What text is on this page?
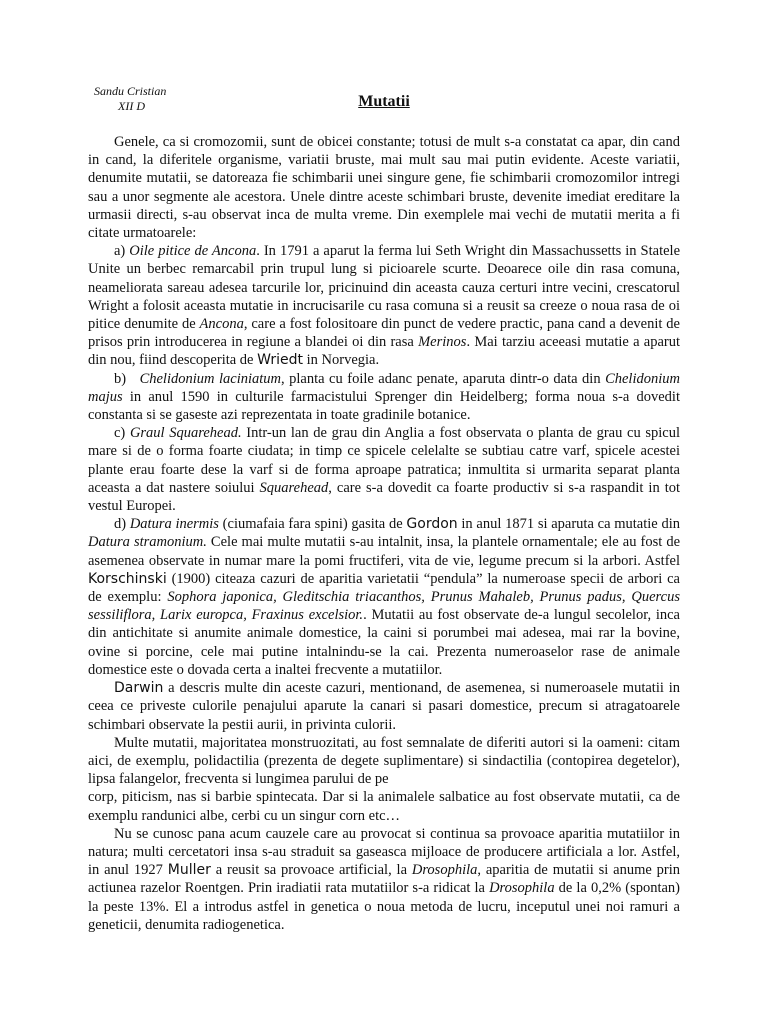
Sandu Cristian
XII D	Mutatii

Genele, ca si cromozomii, sunt de obicei constante; totusi de mult s-a constatat ca apar, din cand in cand, la diferitele organisme, variatii bruste, mai mult sau mai putin evidente. Aceste variatii, denumite mutatii, se datoreaza fie schimbarii unei singure gene, fie schimbarii cromozomilor intregi sau a unor segmente ale acestora. Unele dintre aceste schimbari bruste, devenite imediat ereditare la urmasii directi, s-au observat inca de multa vreme. Din exemplele mai vechi de mutatii merita a fi citate urmatoarele:

a) Oile pitice de Ancona. In 1791 a aparut la ferma lui Seth Wright din Massachussetts in Statele Unite un berbec remarcabil prin trupul lung si picioarele scurte. Deoarece oile din rasa comuna, neameliorata sareau adesea tarcurile lor, pricinuind din aceasta cauza certuri intre vecini, crescatorul Wright a folosit aceasta mutatie in incrucisarile cu rasa comuna si a reusit sa creeze o noua rasa de oi pitice denumite de Ancona, care a fost folositoare din punct de vedere practic, pana cand a devenit de prisos prin introducerea in regiune a blandei oi din rasa Merinos. Mai tarziu aceeasi mutatie a aparut din nou, fiind descoperita de Wriedt in Norvegia.

b)   Chelidonium laciniatum, planta cu foile adanc penate, aparuta dintr-o data din Chelidonium majus in anul 1590 in culturile farmacistului Sprenger din Heidelberg; forma noua s-a dovedit constanta si se gaseste azi reprezentata in toate gradinile botanice.

c) Graul Squarehead. Intr-un lan de grau din Anglia a fost observata o planta de grau cu spicul mare si de o forma foarte ciudata; in timp ce spicele celelalte se subtiau catre varf, spicele acestei plante erau foarte dese la varf si de forma aproape patratica; inmultita si urmarita separat planta aceasta a dat nastere soiului Squarehead, care s-a dovedit ca foarte productiv si s-a raspandit in tot vestul Europei.

d) Datura inermis (ciumafaia fara spini) gasita de Gordon in anul 1871 si aparuta ca mutatie din Datura stramonium. Cele mai multe mutatii s-au intalnit, insa, la plantele ornamentale; ele au fost de asemenea observate in numar mare la pomi fructiferi, vita de vie, legume precum si la arbori. Astfel Korschinski (1900) citeaza cazuri de aparitia varietatii “pendula” la numeroase specii de arbori ca de exemplu: Sophora japonica, Gleditschia triacanthos, Prunus Mahaleb, Prunus padus, Quercus sessiliflora, Larix europca, Fraxinus excelsior.. Mutatii au fost observate de-a lungul secolelor, inca din antichitate si anumite animale domestice, la caini si porumbei mai adesea, mai rar la bovine, ovine si porcine, cele mai putine intalnindu-se la cai. Prezenta numeroaselor rase de animale domestice este o dovada certa a inaltei frecvente a mutatiilor.

Darwin a descris multe din aceste cazuri, mentionand, de asemenea, si numeroasele mutatii in ceea ce priveste culorile penajului aparute la canari si pasari domestice, precum si atragatoarele schimbari observate la pestii aurii, in privinta culorii.

Multe mutatii, majoritatea monstruozitati, au fost semnalate de diferiti autori si la oameni: citam aici, de exemplu, polidactilia (prezenta de degete suplimentare) si sindactilia (contopirea degetelor), lipsa falangelor, frecventa si lungimea parului de pe

corp, piticism, nas si barbie spintecata. Dar si la animalele salbatice au fost observate mutatii, ca de exemplu randunici albe, cerbi cu un singur corn etc…

Nu se cunosc pana acum cauzele care au provocat si continua sa provoace aparitia mutatiilor in natura; multi cercetatori insa s-au straduit sa gaseasca mijloace de producere artificiala a lor. Astfel, in anul 1927 Muller a reusit sa provoace artificial, la Drosophila, aparitia de mutatii si anume prin actiunea razelor Roentgen. Prin iradiatii rata mutatiilor s-a ridicat la Drosophila de la 0,2% (spontan) la peste 13%. El a introdus astfel in genetica o noua metoda de lucru, inceputul unei noi ramuri a geneticii, denumita radiogenetica.
